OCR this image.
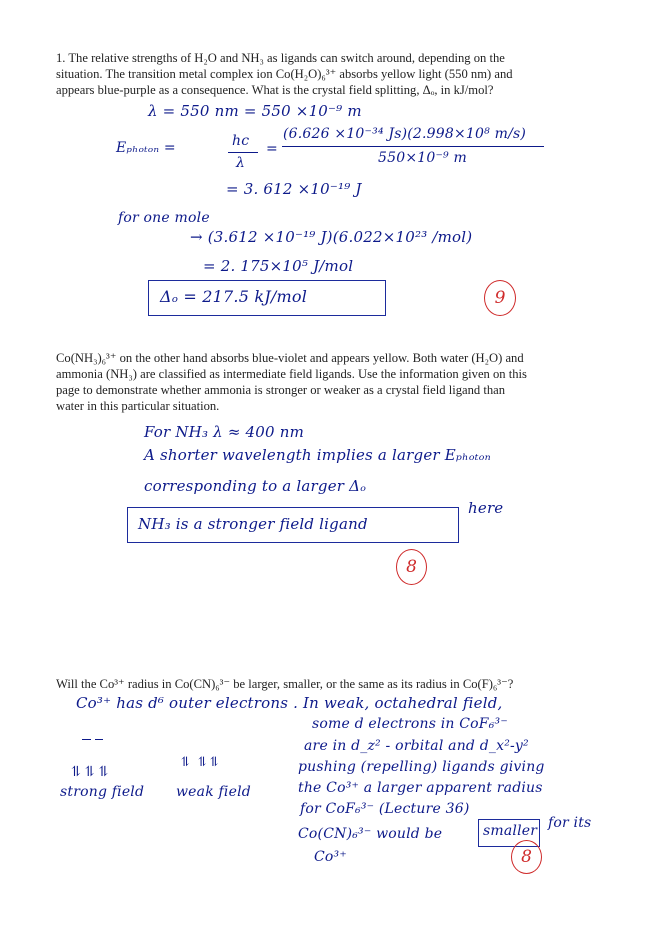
1. The relative strengths of H₂O and NH₃ as ligands can switch around, depending on the
situation. The transition metal complex ion Co(H₂O)₆³⁺ absorbs yellow light (550 nm) and
appears blue-purple as a consequence. What is the crystal field splitting, Δₒ, in kJ/mol?
λ = 550 nm = 550 ×10⁻⁹ m
Eₚₕₒₜₒₙ =	hc
λ
=
(6.626 ×10⁻³⁴ Js)(2.998×10⁸ m/s)
550×10⁻⁹ m
= 3. 612 ×10⁻¹⁹ J
for one mole
→ (3.612 ×10⁻¹⁹ J)(6.022×10²³ /mol)
= 2. 175×10⁵ J/mol
Δₒ = 217.5 kJ/mol	9
Co(NH₃)₆³⁺ on the other hand absorbs blue-violet and appears yellow. Both water (H₂O) and
ammonia (NH₃) are classified as intermediate field ligands. Use the information given on this
page to demonstrate whether ammonia is stronger or weaker as a crystal field ligand than
water in this particular situation.
For NH₃ λ ≈ 400 nm
A shorter wavelength implies a larger Eₚₕₒₜₒₙ
corresponding to a larger Δₒ
NH₃ is a stronger field ligand
here
8
Will the Co³⁺ radius in Co(CN)₆³⁻ be larger, smaller, or the same as its radius in Co(F)₆³⁻?
Co³⁺ has d⁶ outer electrons . In weak, octahedral field,
some d electrons in CoF₆³⁻
are in d_z² - orbital and d_x²-y²
pushing (repelling) ligands giving
the Co³⁺ a larger apparent radius
for CoF₆³⁻ (Lecture 36)
Co(CN)₆³⁻ would be	smaller for its
Co³⁺
⥮⥮⥮
⥮ ⥮⥮
strong field weak field
8
